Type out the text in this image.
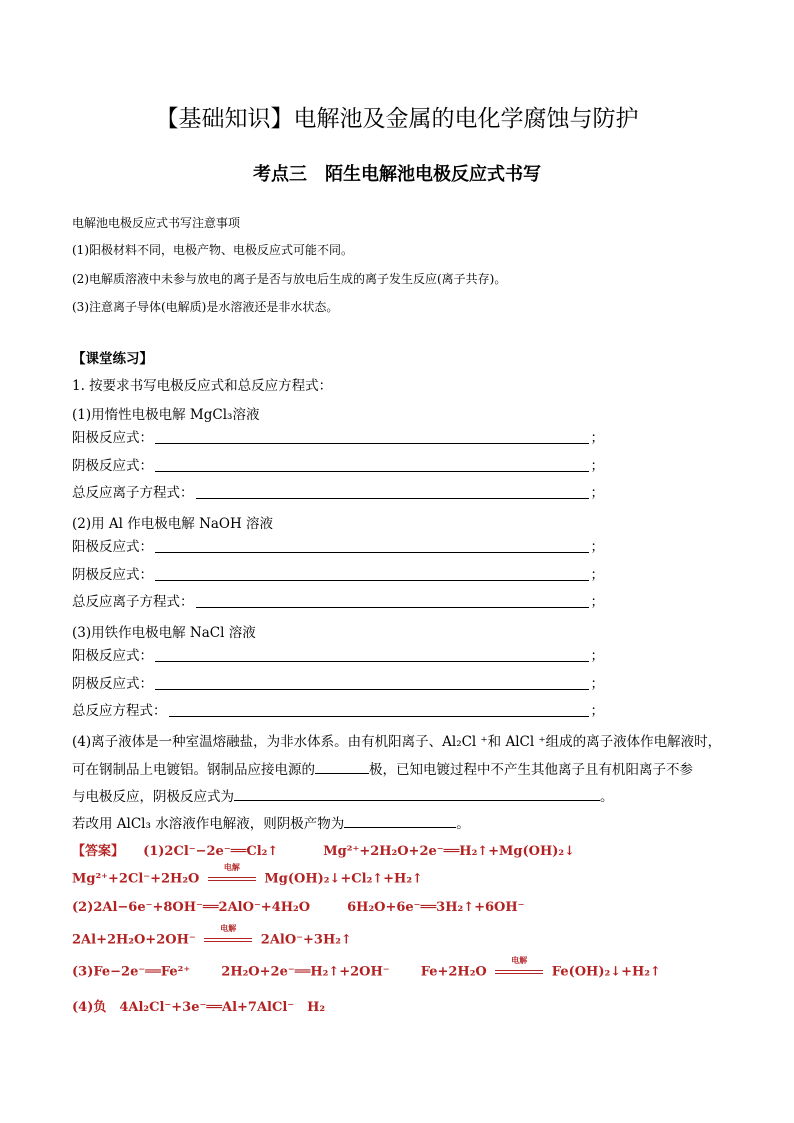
【基础知识】电解池及金属的电化学腐蚀与防护
考点三　陌生电解池电极反应式书写
电解池电极反应式书写注意事项
(1)阳极材料不同，电极产物、电极反应式可能不同。
(2)电解质溶液中未参与放电的离子是否与放电后生成的离子发生反应(离子共存)。
(3)注意离子导体(电解质)是水溶液还是非水状态。
【课堂练习】
1. 按要求书写电极反应式和总反应方程式：
(1)用惰性电极电解 MgCl₃溶液
阳极反应式：	；
阴极反应式：	；
总反应离子方程式：	；
(2)用 Al 作电极电解 NaOH 溶液
阳极反应式：	；
阴极反应式：	；
总反应离子方程式：	；
(3)用铁作电极电解 NaCl 溶液
阳极反应式：	；
阴极反应式：	；
总反应方程式：	；
(4)离子液体是一种室温熔融盐，为非水体系。由有机阳离子、Al₂Cl ⁺和 AlCl ⁺组成的离子液体作电解液时，
可在钢制品上电镀铝。钢制品应接电源的	极，已知电镀过程中不产生其他离子且有机阳离子不参
与电极反应，阴极反应式为	。
若改用 AlCl₃ 水溶液作电解液，则阴极产物为	。
【答案】 (1)2Cl⁻−2e⁻══Cl₂↑	Mg²⁺+2H₂O+2e⁻══H₂↑+Mg(OH)₂↓
Mg²⁺+2Cl⁻+2H₂O
电解
Mg(OH)₂↓+Cl₂↑+H₂↑
(2)2Al−6e⁻+8OH⁻══2AlO⁻+4H₂O	6H₂O+6e⁻══3H₂↑+6OH⁻
2Al+2H₂O+2OH⁻
电解
2AlO⁻+3H₂↑
(3)Fe−2e⁻══Fe²⁺ 2H₂O+2e⁻══H₂↑+2OH⁻ Fe+2H₂O
电解
Fe(OH)₂↓+H₂↑
(4)负　4Al₂Cl⁻+3e⁻══Al+7AlCl⁻　H₂
